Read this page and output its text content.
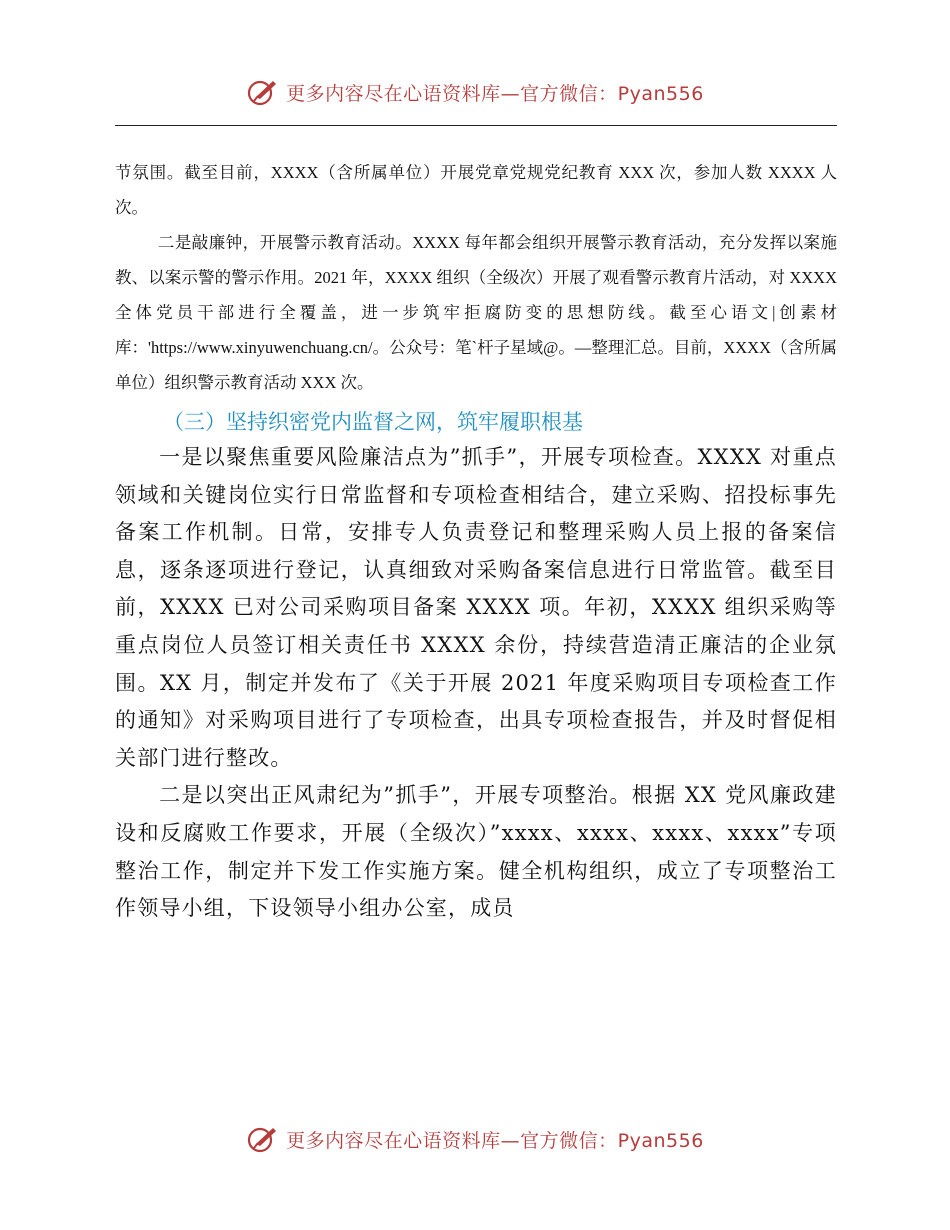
更多内容尽在心语资料库—官方微信：Pyan556

节氛围。截至目前，XXXX（含所属单位）开展党章党规党纪教育 XXX 次，参加人数 XXXX 人次。

二是敲廉钟，开展警示教育活动。XXXX 每年都会组织开展警示教育活动，充分发挥以案施教、以案示警的警示作用。2021 年，XXXX 组织（全级次）开展了观看警示教育片活动，对 XXXX 全体党员干部进行全覆盖，进一步筑牢拒腐防变的思想防线。截至心语文|创素材库：'https://www.xinyuwenchuang.cn/。公众号：笔`杆子星域@。—整理汇总。目前，XXXX（含所属单位）组织警示教育活动 XXX 次。

（三）坚持织密党内监督之网，筑牢履职根基

一是以聚焦重要风险廉洁点为”抓手”，开展专项检查。XXXX 对重点领域和关键岗位实行日常监督和专项检查相结合，建立采购、招投标事先备案工作机制。日常，安排专人负责登记和整理采购人员上报的备案信息，逐条逐项进行登记，认真细致对采购备案信息进行日常监管。截至目前，XXXX 已对公司采购项目备案 XXXX 项。年初，XXXX 组织采购等重点岗位人员签订相关责任书 XXXX 余份，持续营造清正廉洁的企业氛围。XX 月，制定并发布了《关于开展 2021 年度采购项目专项检查工作的通知》对采购项目进行了专项检查，出具专项检查报告，并及时督促相关部门进行整改。

二是以突出正风肃纪为”抓手”，开展专项整治。根据 XX 党风廉政建设和反腐败工作要求，开展（全级次）”xxxx、xxxx、xxxx、xxxx”专项整治工作，制定并下发工作实施方案。健全机构组织，成立了专项整治工作领导小组，下设领导小组办公室，成员

更多内容尽在心语资料库—官方微信：Pyan556
